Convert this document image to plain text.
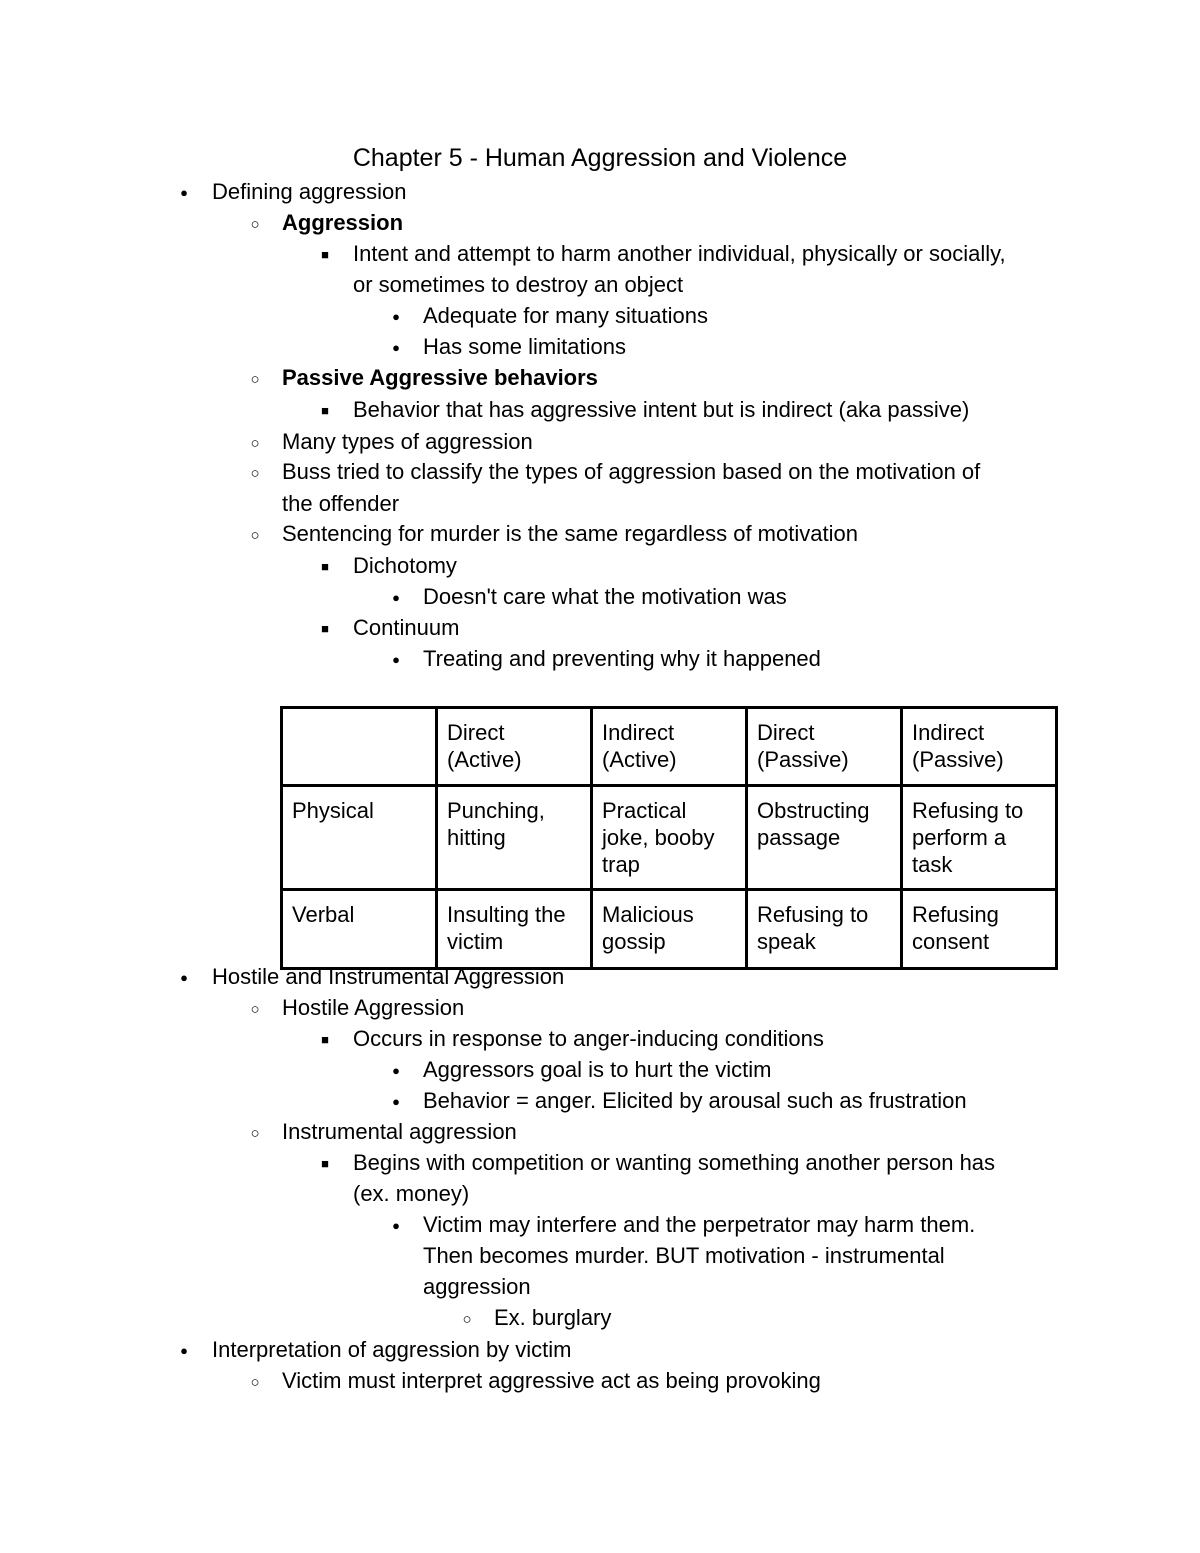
Chapter 5 - Human Aggression and Violence
●
Defining aggression
○
Aggression
■
Intent and attempt to harm another individual, physically or socially,
or sometimes to destroy an object
●
Adequate for many situations
●
Has some limitations
○
Passive Aggressive behaviors
■
Behavior that has aggressive intent but is indirect (aka passive)
○
Many types of aggression
○
Buss tried to classify the types of aggression based on the motivation of
the offender
○
Sentencing for murder is the same regardless of motivation
■
Dichotomy
●
Doesn't care what the motivation was
■
Continuum
●
Treating and preventing why it happened
	Direct (Active)	Indirect (Active)	Direct (Passive)	Indirect (Passive)
Physical	Punching, hitting	Practical joke, booby trap	Obstructing passage	Refusing to perform a task
Verbal	Insulting the victim	Malicious gossip	Refusing to speak	Refusing consent
●
Hostile and Instrumental Aggression
○
Hostile Aggression
■
Occurs in response to anger-inducing conditions
●
Aggressors goal is to hurt the victim
●
Behavior = anger. Elicited by arousal such as frustration
○
Instrumental aggression
■
Begins with competition or wanting something another person has
(ex. money)
●
Victim may interfere and the perpetrator may harm them.
Then becomes murder. BUT motivation - instrumental
aggression
○
Ex. burglary
●
Interpretation of aggression by victim
○
Victim must interpret aggressive act as being provoking
